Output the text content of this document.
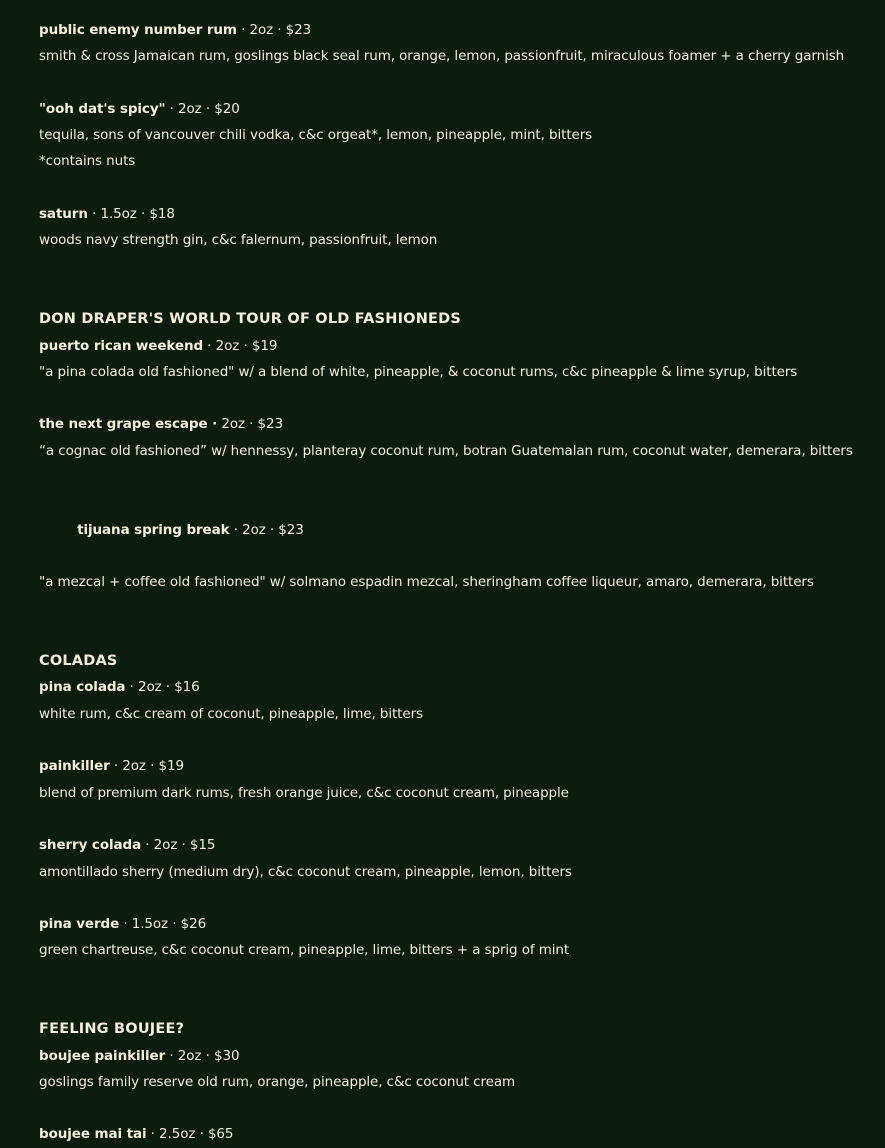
public enemy number rum · 2oz · $23
smith & cross Jamaican rum, goslings black seal rum, orange, lemon, passionfruit, miraculous foamer + a cherry garnish
"ooh dat's spicy" · 2oz · $20
tequila, sons of vancouver chili vodka, c&c orgeat*, lemon, pineapple, mint, bitters
*contains nuts
saturn · 1.5oz · $18
woods navy strength gin, c&c falernum, passionfruit, lemon
DON DRAPER'S WORLD TOUR OF OLD FASHIONEDS
puerto rican weekend · 2oz · $19
"a pina colada old fashioned" w/ a blend of white, pineapple, & coconut rums, c&c pineapple & lime syrup, bitters
the next grape escape · 2oz · $23
“a cognac old fashioned” w/ hennessy, planteray coconut rum, botran Guatemalan rum, coconut water, demerara, bitters

tijuana spring break · 2oz · $23

"a mezcal + coffee old fashioned" w/ solmano espadin mezcal, sheringham coffee liqueur, amaro, demerara, bitters
COLADAS
pina colada · 2oz · $16
white rum, c&c cream of coconut, pineapple, lime, bitters
painkiller · 2oz · $19
blend of premium dark rums, fresh orange juice, c&c coconut cream, pineapple
sherry colada · 2oz · $15
amontillado sherry (medium dry), c&c coconut cream, pineapple, lemon, bitters
pina verde · 1.5oz · $26
green chartreuse, c&c coconut cream, pineapple, lime, bitters + a sprig of mint
FEELING BOUJEE?
boujee painkiller · 2oz · $30
goslings family reserve old rum, orange, pineapple, c&c coconut cream
boujee mai tai · 2.5oz · $65
